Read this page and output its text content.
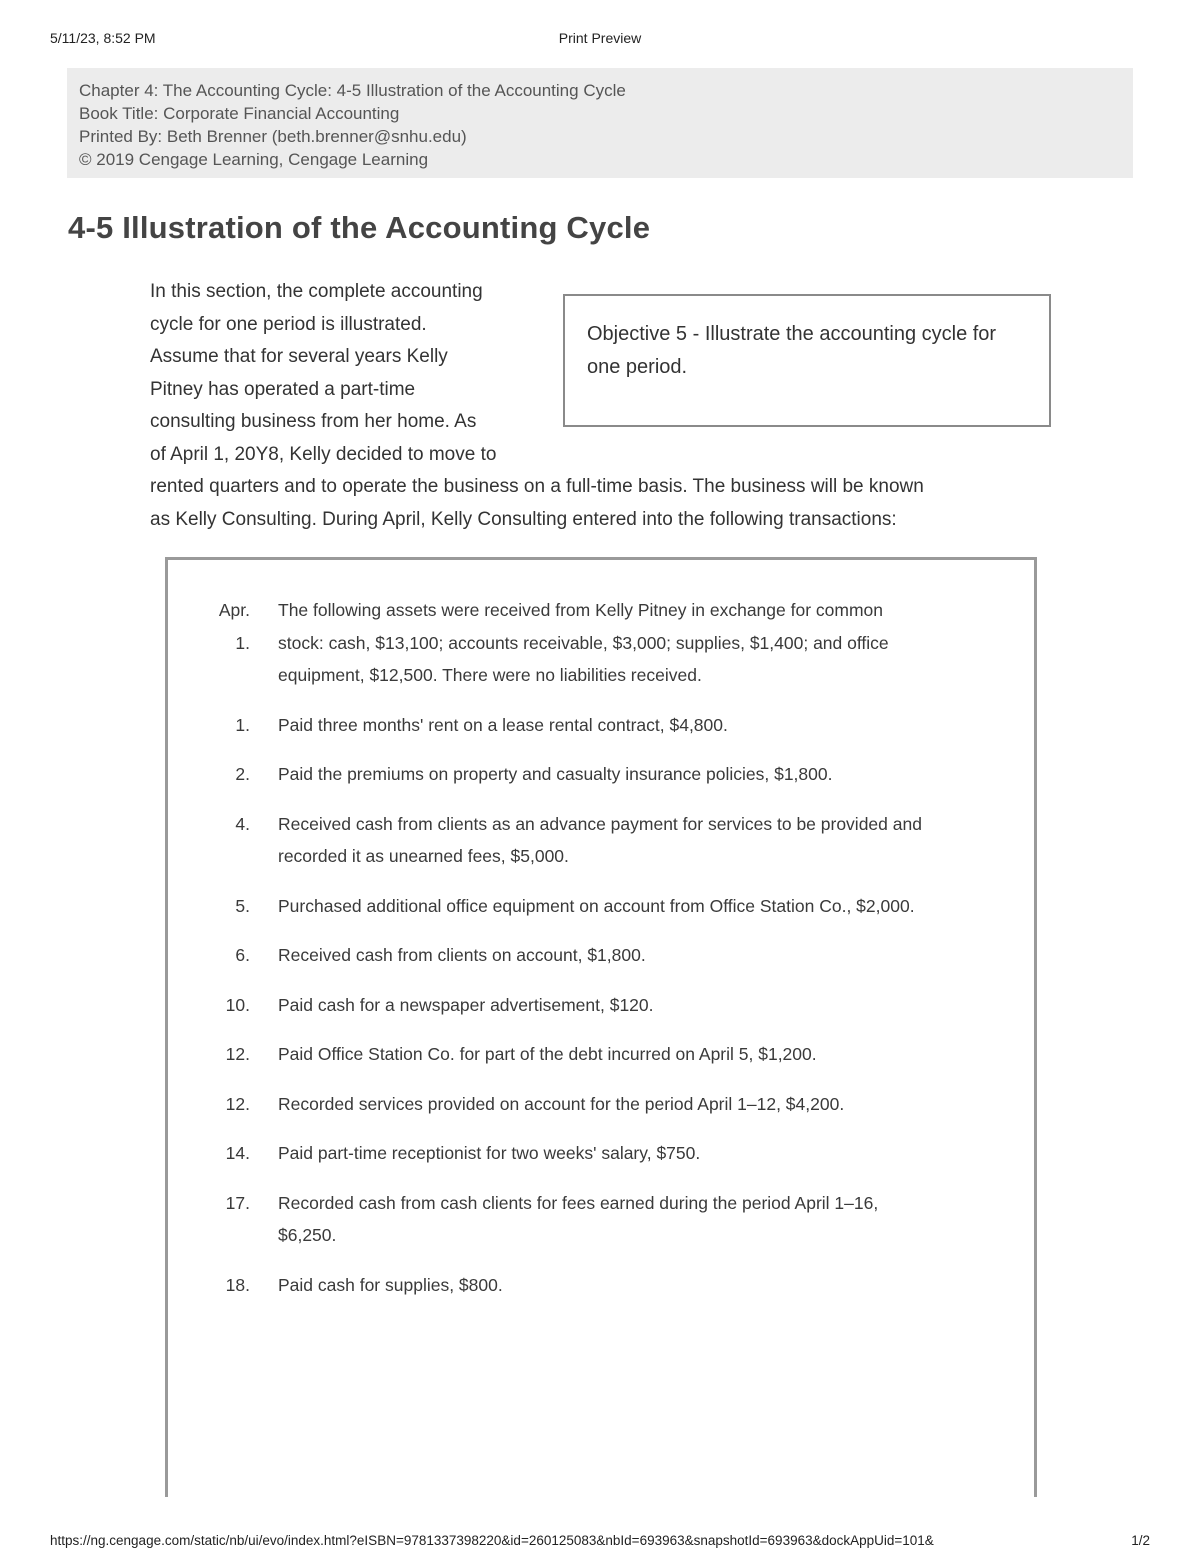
5/11/23, 8:52 PM	Print Preview
Chapter 4: The Accounting Cycle: 4-5 Illustration of the Accounting Cycle
Book Title: Corporate Financial Accounting
Printed By: Beth Brenner (beth.brenner@snhu.edu)
© 2019 Cengage Learning, Cengage Learning
4-5 Illustration of the Accounting Cycle
In this section, the complete accounting
cycle for one period is illustrated.
Assume that for several years Kelly
Pitney has operated a part-time
consulting business from her home. As
of April 1, 20Y8, Kelly decided to move to
rented quarters and to operate the business on a full-time basis. The business will be known
as Kelly Consulting. During April, Kelly Consulting entered into the following transactions:
Objective 5 - Illustrate the accounting cycle for one period.
Apr.
1.
The following assets were received from Kelly Pitney in exchange for common stock: cash, $13,100; accounts receivable, $3,000; supplies, $1,400; and office equipment, $12,500. There were no liabilities received.
1. Paid three months' rent on a lease rental contract, $4,800.
2. Paid the premiums on property and casualty insurance policies, $1,800.
4. Received cash from clients as an advance payment for services to be provided and recorded it as unearned fees, $5,000.
5. Purchased additional office equipment on account from Office Station Co., $2,000.
6. Received cash from clients on account, $1,800.
10. Paid cash for a newspaper advertisement, $120.
12. Paid Office Station Co. for part of the debt incurred on April 5, $1,200.
12. Recorded services provided on account for the period April 1–12, $4,200.
14. Paid part-time receptionist for two weeks' salary, $750.
17. Recorded cash from cash clients for fees earned during the period April 1–16, $6,250.
18. Paid cash for supplies, $800.
https://ng.cengage.com/static/nb/ui/evo/index.html?eISBN=9781337398220&id=260125083&nbId=693963&snapshotId=693963&dockAppUid=101&	1/2
